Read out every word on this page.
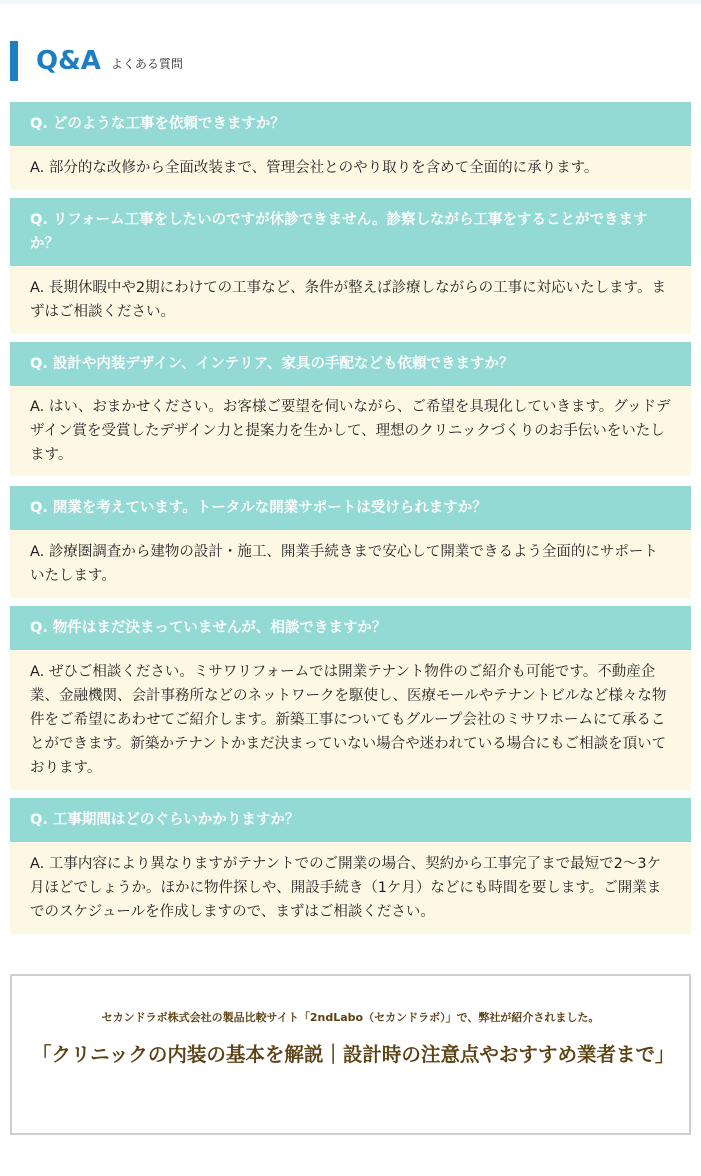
Q&A よくある質問
Q. どのような工事を依頼できますか？
A. 部分的な改修から全面改装まで、管理会社とのやり取りを含めて全面的に承ります。
Q. リフォーム工事をしたいのですが休診できません。診察しながら工事をすることができますか？
A. 長期休暇中や2期にわけての工事など、条件が整えば診療しながらの工事に対応いたします。まずはご相談ください。
Q. 設計や内装デザイン、インテリア、家具の手配なども依頼できますか？
A. はい、おまかせください。お客様ご要望を伺いながら、ご希望を具現化していきます。グッドデザイン賞を受賞したデザイン力と提案力を生かして、理想のクリニックづくりのお手伝いをいたします。
Q. 開業を考えています。トータルな開業サポートは受けられますか？
A. 診療圏調査から建物の設計・施工、開業手続きまで安心して開業できるよう全面的にサポートいたします。
Q. 物件はまだ決まっていませんが、相談できますか？
A. ぜひご相談ください。ミサワリフォームでは開業テナント物件のご紹介も可能です。不動産企業、金融機関、会計事務所などのネットワークを駆使し、医療モールやテナントビルなど様々な物件をご希望にあわせてご紹介します。新築工事についてもグループ会社のミサワホームにて承ることができます。新築かテナントかまだ決まっていない場合や迷われている場合にもご相談を頂いております。
Q. 工事期間はどのぐらいかかりますか？
A. 工事内容により異なりますがテナントでのご開業の場合、契約から工事完了まで最短で2〜3ケ月ほどでしょうか。ほかに物件探しや、開設手続き（1ケ月）などにも時間を要します。ご開業までのスケジュールを作成しますので、まずはご相談ください。
セカンドラボ株式会社の製品比較サイト「2ndLabo（セカンドラボ）」で、弊社が紹介されました。
「クリニックの内装の基本を解説｜設計時の注意点やおすすめ業者まで」
